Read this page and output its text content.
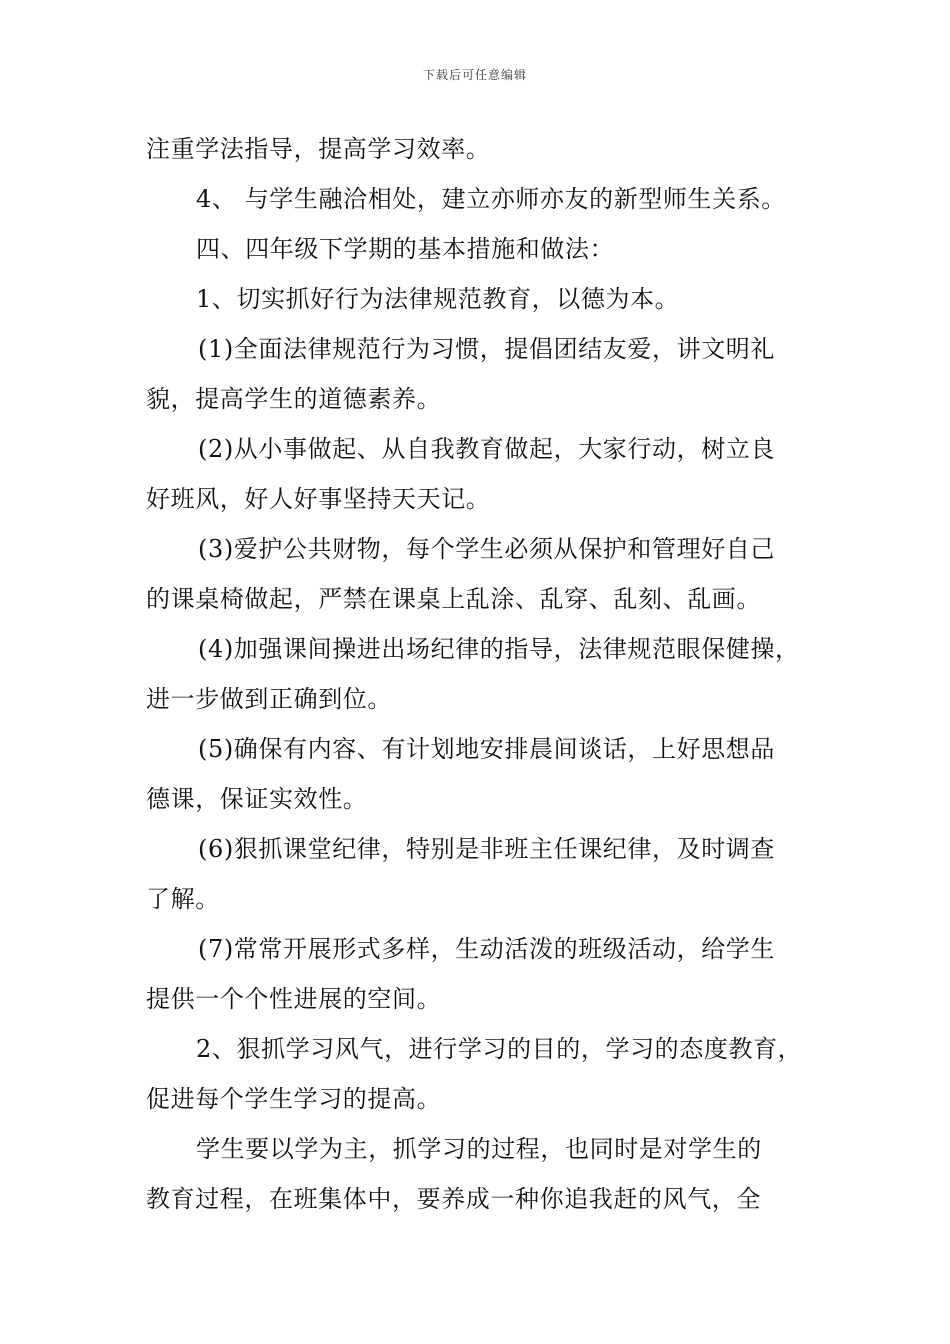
下载后可任意编辑
注重学法指导，提高学习效率。
4、 与学生融洽相处，建立亦师亦友的新型师生关系。
四、四年级下学期的基本措施和做法：
1、切实抓好行为法律规范教育，以德为本。
(1)全面法律规范行为习惯，提倡团结友爱，讲文明礼
貌，提高学生的道德素养。
(2)从小事做起、从自我教育做起，大家行动，树立良
好班风，好人好事坚持天天记。
(3)爱护公共财物，每个学生必须从保护和管理好自己
的课桌椅做起，严禁在课桌上乱涂、乱穿、乱刻、乱画。
(4)加强课间操进出场纪律的指导，法律规范眼保健操，
进一步做到正确到位。
(5)确保有内容、有计划地安排晨间谈话，上好思想品
德课，保证实效性。
(6)狠抓课堂纪律，特别是非班主任课纪律，及时调查
了解。
(7)常常开展形式多样，生动活泼的班级活动，给学生
提供一个个性进展的空间。
2、狠抓学习风气，进行学习的目的，学习的态度教育，
促进每个学生学习的提高。
学生要以学为主，抓学习的过程，也同时是对学生的
教育过程，在班集体中，要养成一种你追我赶的风气，全
